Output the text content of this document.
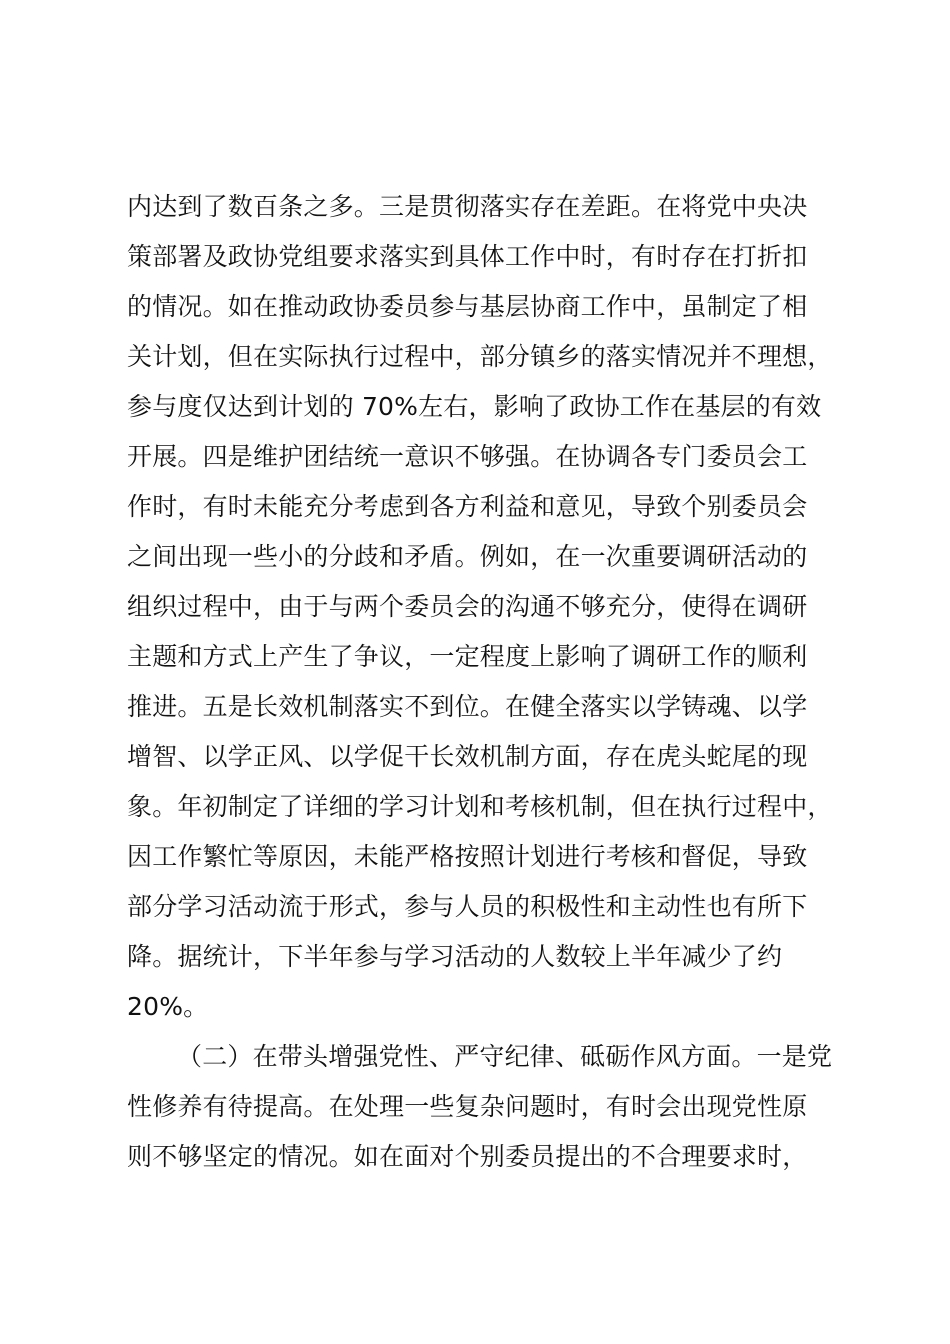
内达到了数百条之多。三是贯彻落实存在差距。在将党中央决
策部署及政协党组要求落实到具体工作中时，有时存在打折扣
的情况。如在推动政协委员参与基层协商工作中，虽制定了相
关计划，但在实际执行过程中，部分镇乡的落实情况并不理想，
参与度仅达到计划的 70%左右，影响了政协工作在基层的有效
开展。四是维护团结统一意识不够强。在协调各专门委员会工
作时，有时未能充分考虑到各方利益和意见，导致个别委员会
之间出现一些小的分歧和矛盾。例如，在一次重要调研活动的
组织过程中，由于与两个委员会的沟通不够充分，使得在调研
主题和方式上产生了争议，一定程度上影响了调研工作的顺利
推进。五是长效机制落实不到位。在健全落实以学铸魂、以学
增智、以学正风、以学促干长效机制方面，存在虎头蛇尾的现
象。年初制定了详细的学习计划和考核机制，但在执行过程中，
因工作繁忙等原因，未能严格按照计划进行考核和督促，导致
部分学习活动流于形式，参与人员的积极性和主动性也有所下
降。据统计，下半年参与学习活动的人数较上半年减少了约
20%。
（二）在带头增强党性、严守纪律、砥砺作风方面。一是党
性修养有待提高。在处理一些复杂问题时，有时会出现党性原
则不够坚定的情况。如在面对个别委员提出的不合理要求时，
